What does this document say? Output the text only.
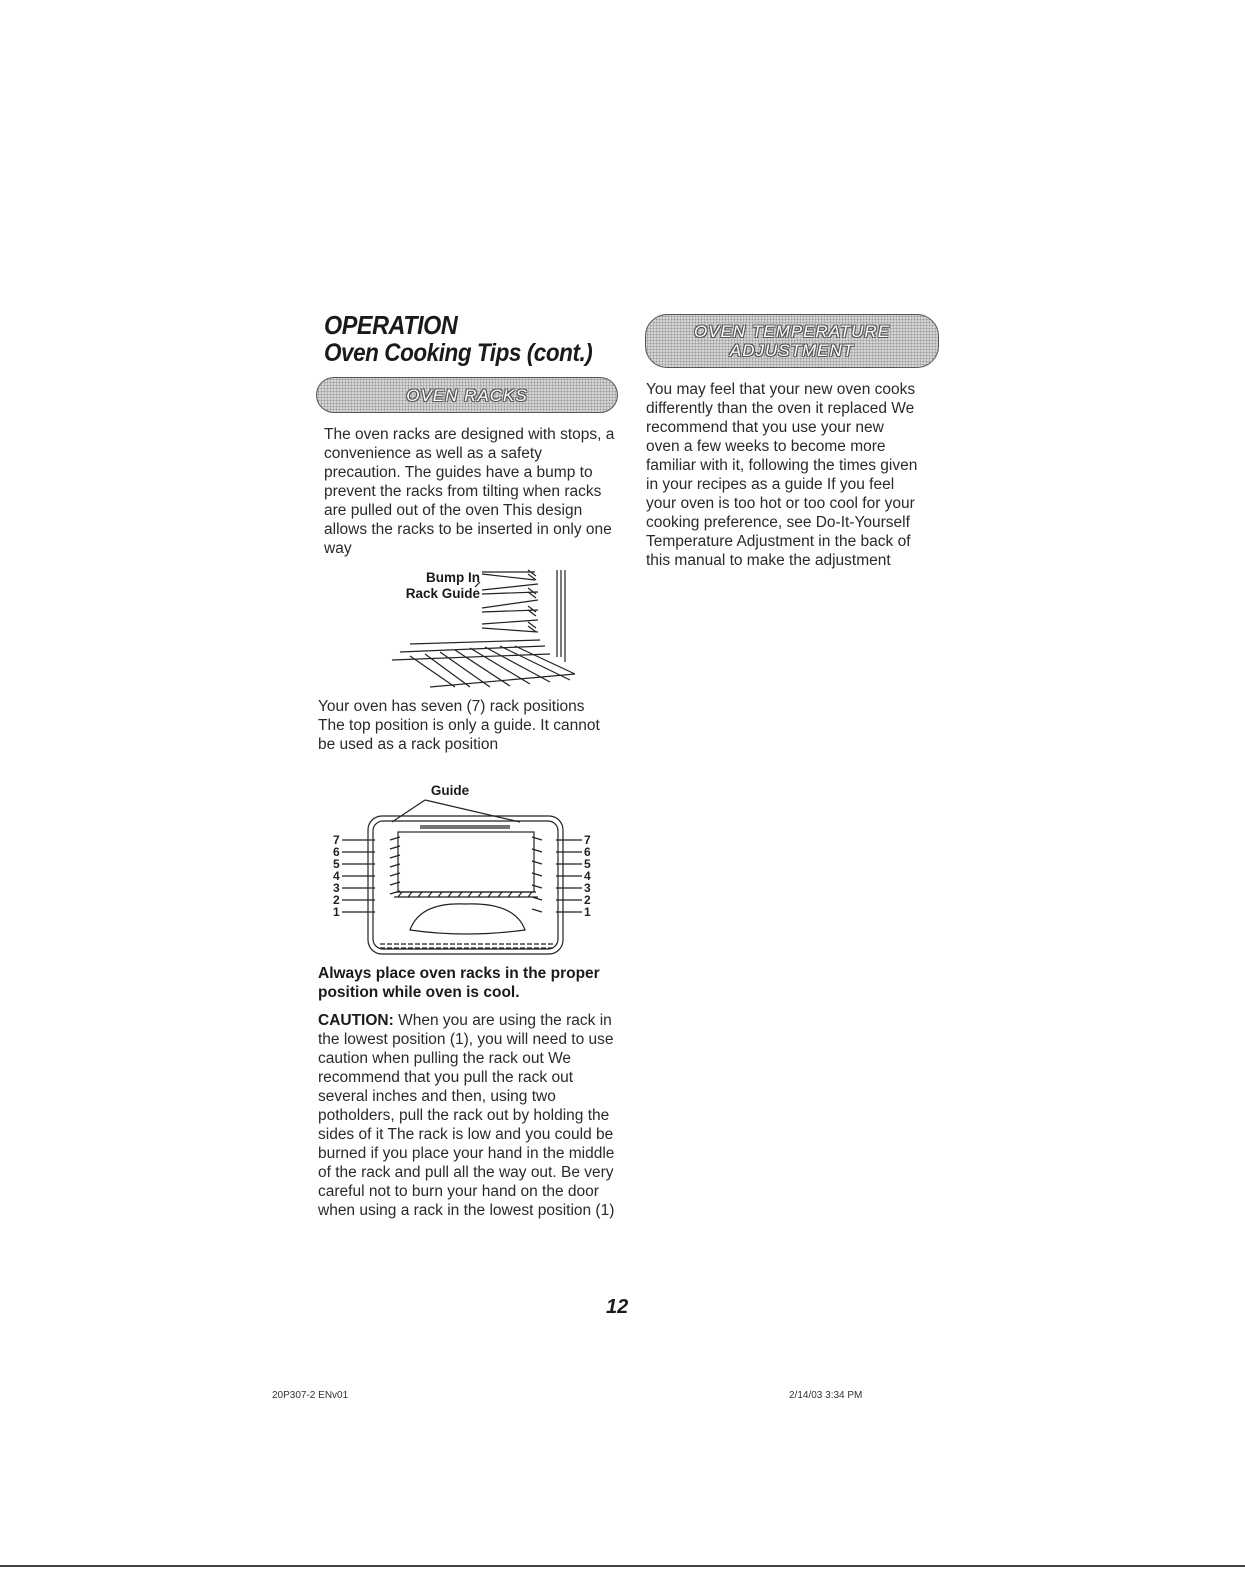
OPERATION
Oven Cooking Tips (cont.)
OVEN RACKS

The oven racks are designed with stops, a convenience as well as a safety precaution. The guides have a bump to prevent the racks from tilting when racks are pulled out of the oven This design allows the racks to be inserted in only one way

Bump In
Rack Guide

Your oven has seven (7) rack positions The top position is only a guide. It cannot be used as a rack position

Guide

7
6
5
4
3
2
1
7
6
5
4
3
2
1

Always place oven racks in the proper position while oven is cool.

CAUTION: When you are using the rack in the lowest position (1), you will need to use caution when pulling the rack out We recommend that you pull the rack out several inches and then, using two potholders, pull the rack out by holding the sides of it The rack is low and you could be burned if you place your hand in the middle of the rack and pull all the way out. Be very careful not to burn your hand on the door when using a rack in the lowest position (1)

OVEN TEMPERATURE
ADJUSTMENT

You may feel that your new oven cooks differently than the oven it replaced We recommend that you use your new oven a few weeks to become more familiar with it, following the times given in your recipes as a guide If you feel your oven is too hot or too cool for your cooking preference, see Do-It-Yourself Temperature Adjustment in the back of this manual to make the adjustment

12

20P307-2 ENv01	2/14/03 3:34 PM
